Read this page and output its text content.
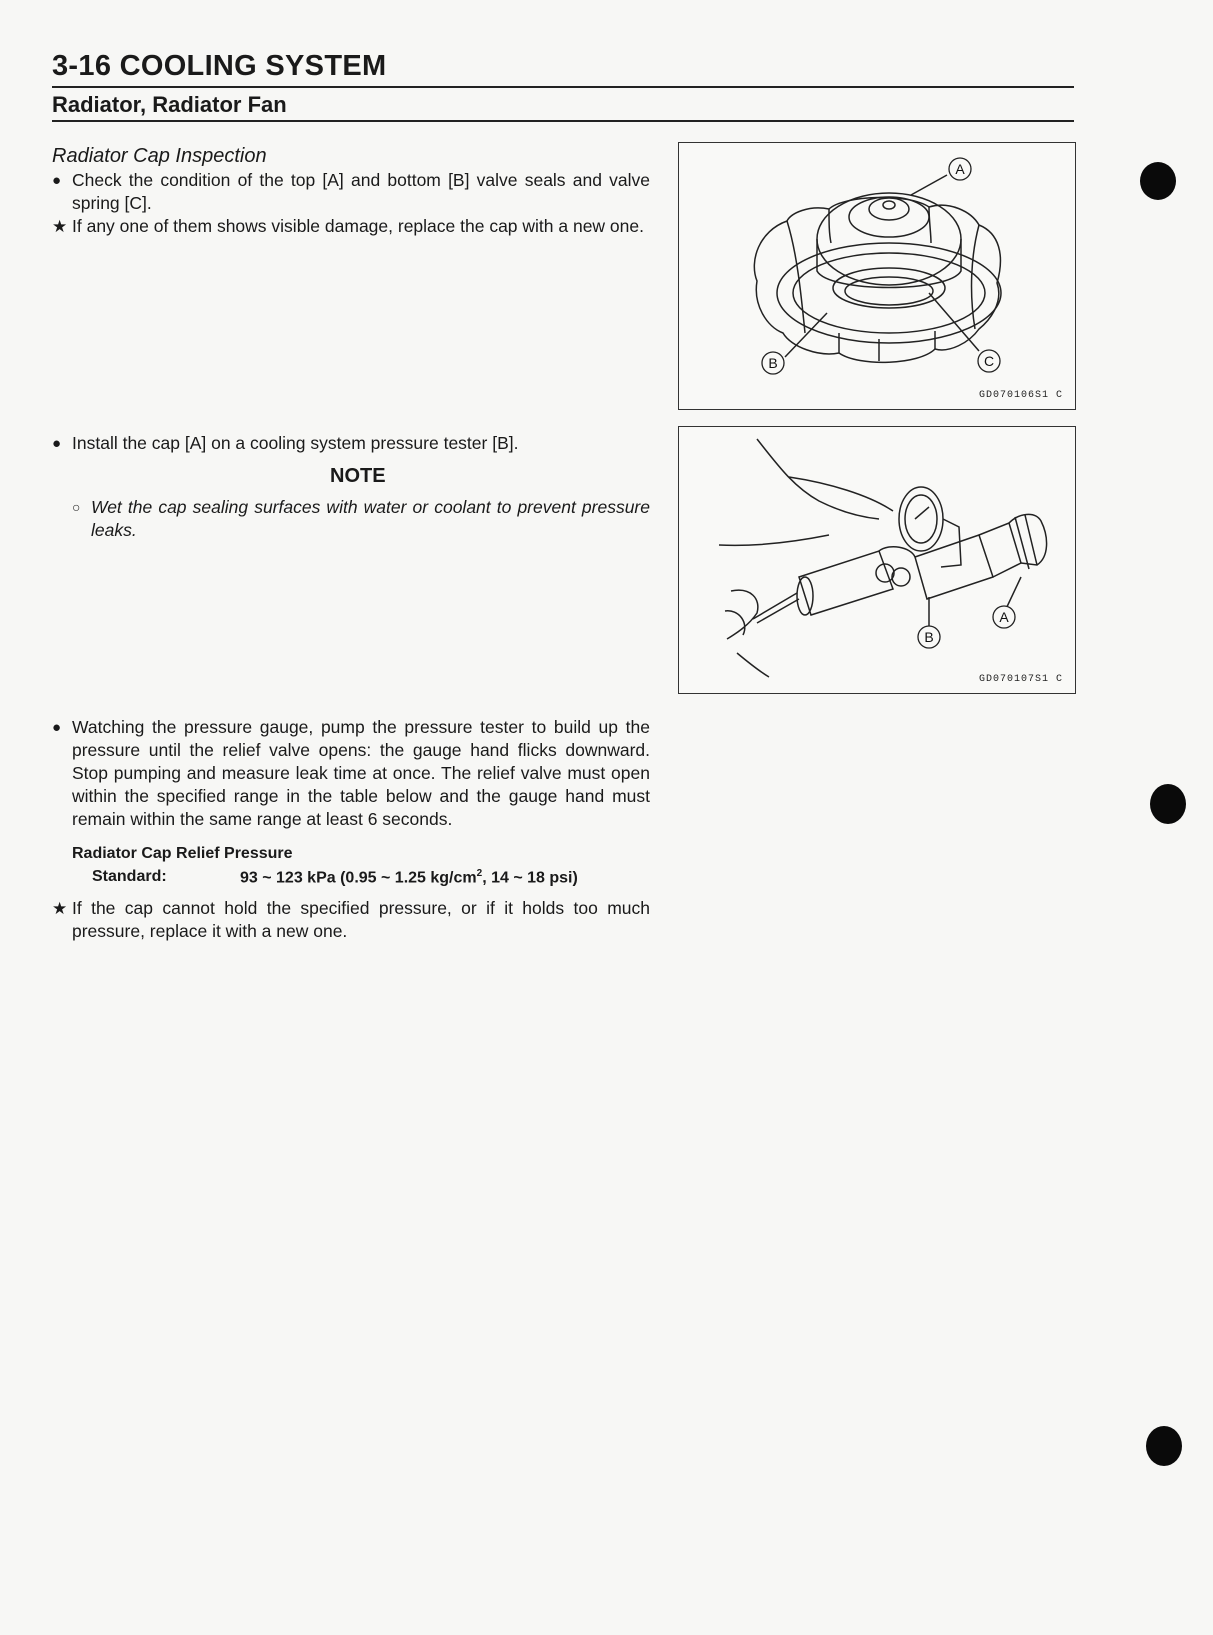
3-16 COOLING SYSTEM
Radiator, Radiator Fan
Radiator Cap Inspection
● Check the condition of the top [A] and bottom [B] valve seals and valve spring [C].
★ If any one of them shows visible damage, replace the cap with a new one.
● Install the cap [A] on a cooling system pressure tester [B].
NOTE
○ Wet the cap sealing surfaces with water or coolant to prevent pressure leaks.
● Watching the pressure gauge, pump the pressure tester to build up the pressure until the relief valve opens: the gauge hand flicks downward. Stop pumping and measure leak time at once. The relief valve must open within the specified range in the table below and the gauge hand must remain within the same range at least 6 seconds.
Radiator Cap Relief Pressure
Standard:	93 ~ 123 kPa (0.95 ~ 1.25 $kg/cm^2$, 14 ~ 18 psi)
★ If the cap cannot hold the specified pressure, or if it holds too much pressure, replace it with a new one.
A
B	C
GD070106S1 C
A
B
GD070107S1 C
